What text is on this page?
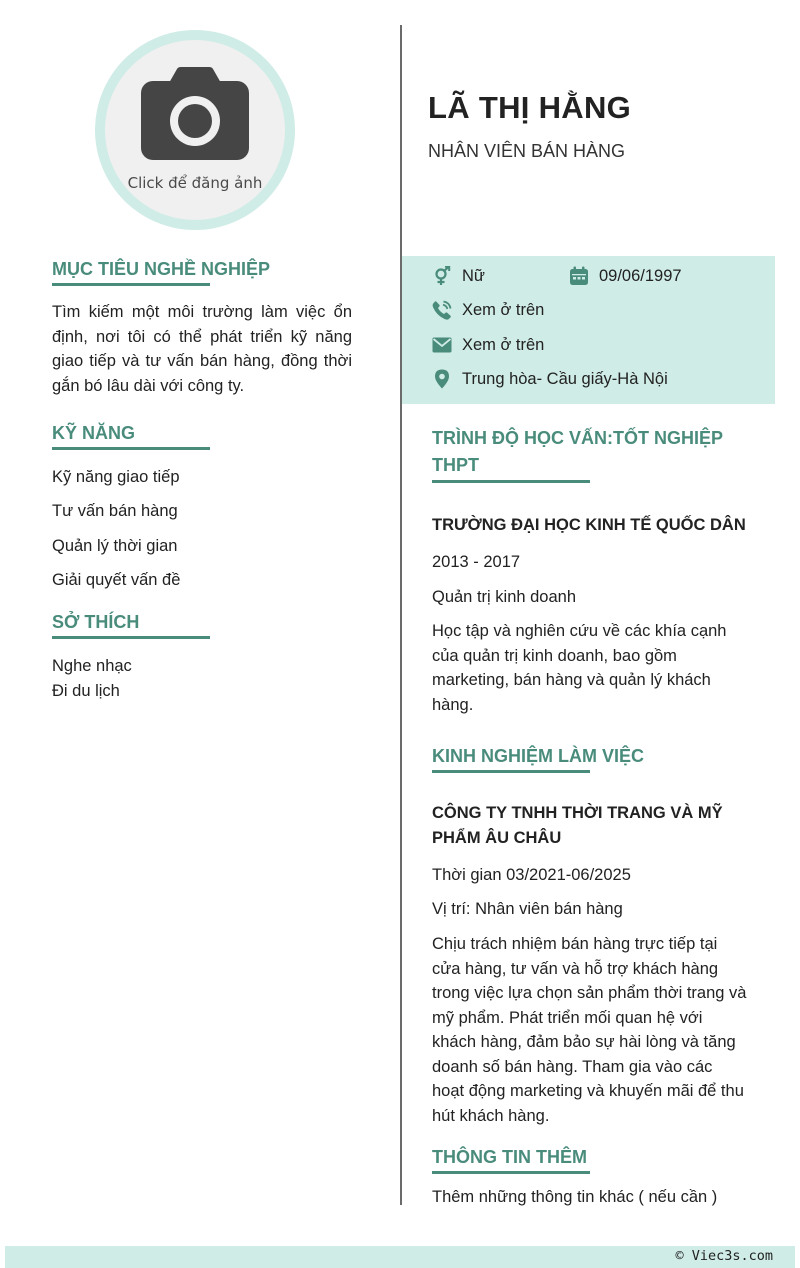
Click để đăng ảnh
MỤC TIÊU NGHỀ NGHIỆP
Tìm kiếm một môi trường làm việc ổn định, nơi tôi có thể phát triển kỹ năng giao tiếp và tư vấn bán hàng, đồng thời gắn bó lâu dài với công ty.
KỸ NĂNG
Kỹ năng giao tiếp
Tư vấn bán hàng
Quản lý thời gian
Giải quyết vấn đề
SỞ THÍCH
Nghe nhạc
Đi du lịch
LÃ THỊ HẰNG
NHÂN VIÊN BÁN HÀNG
Nữ	09/06/1997
Xem ở trên
Xem ở trên
Trung hòa- Cầu giấy-Hà Nội
TRÌNH ĐỘ HỌC VẤN:TỐT NGHIỆP THPT
TRƯỜNG ĐẠI HỌC KINH TẾ QUỐC DÂN
2013 - 2017
Quản trị kinh doanh
Học tập và nghiên cứu về các khía cạnh của quản trị kinh doanh, bao gồm marketing, bán hàng và quản lý khách hàng.
KINH NGHIỆM LÀM VIỆC
CÔNG TY TNHH THỜI TRANG VÀ MỸ PHẨM ÂU CHÂU
Thời gian 03/2021-06/2025
Vị trí: Nhân viên bán hàng
Chịu trách nhiệm bán hàng trực tiếp tại cửa hàng, tư vấn và hỗ trợ khách hàng trong việc lựa chọn sản phẩm thời trang và mỹ phẩm. Phát triển mối quan hệ với khách hàng, đảm bảo sự hài lòng và tăng doanh số bán hàng. Tham gia vào các hoạt động marketing và khuyến mãi để thu hút khách hàng.
THÔNG TIN THÊM
Thêm những thông tin khác ( nếu cần )
© Viec3s.com
